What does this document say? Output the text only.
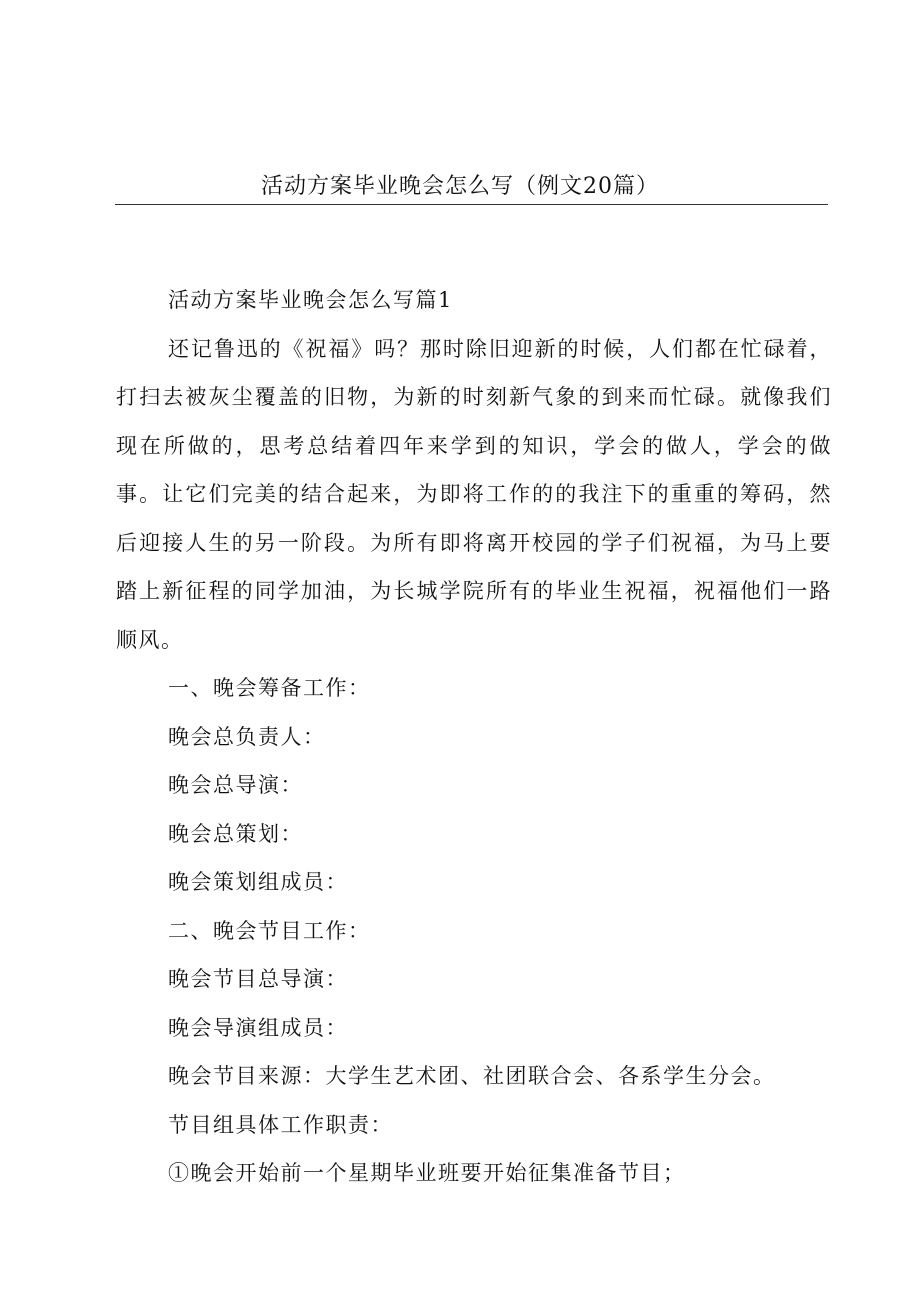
活动方案毕业晚会怎么写（例文20篇）

活动方案毕业晚会怎么写篇1

还记鲁迅的《祝福》吗？那时除旧迎新的时候，人们都在忙碌着，打扫去被灰尘覆盖的旧物，为新的时刻新气象的到来而忙碌。就像我们现在所做的，思考总结着四年来学到的知识，学会的做人，学会的做事。让它们完美的结合起来，为即将工作的的我注下的重重的筹码，然后迎接人生的另一阶段。为所有即将离开校园的学子们祝福，为马上要踏上新征程的同学加油，为长城学院所有的毕业生祝福，祝福他们一路顺风。

一、晚会筹备工作：

晚会总负责人：

晚会总导演：

晚会总策划：

晚会策划组成员：

二、晚会节目工作：

晚会节目总导演：

晚会导演组成员：

晚会节目来源：大学生艺术团、社团联合会、各系学生分会。

节目组具体工作职责：

①晚会开始前一个星期毕业班要开始征集准备节目；
